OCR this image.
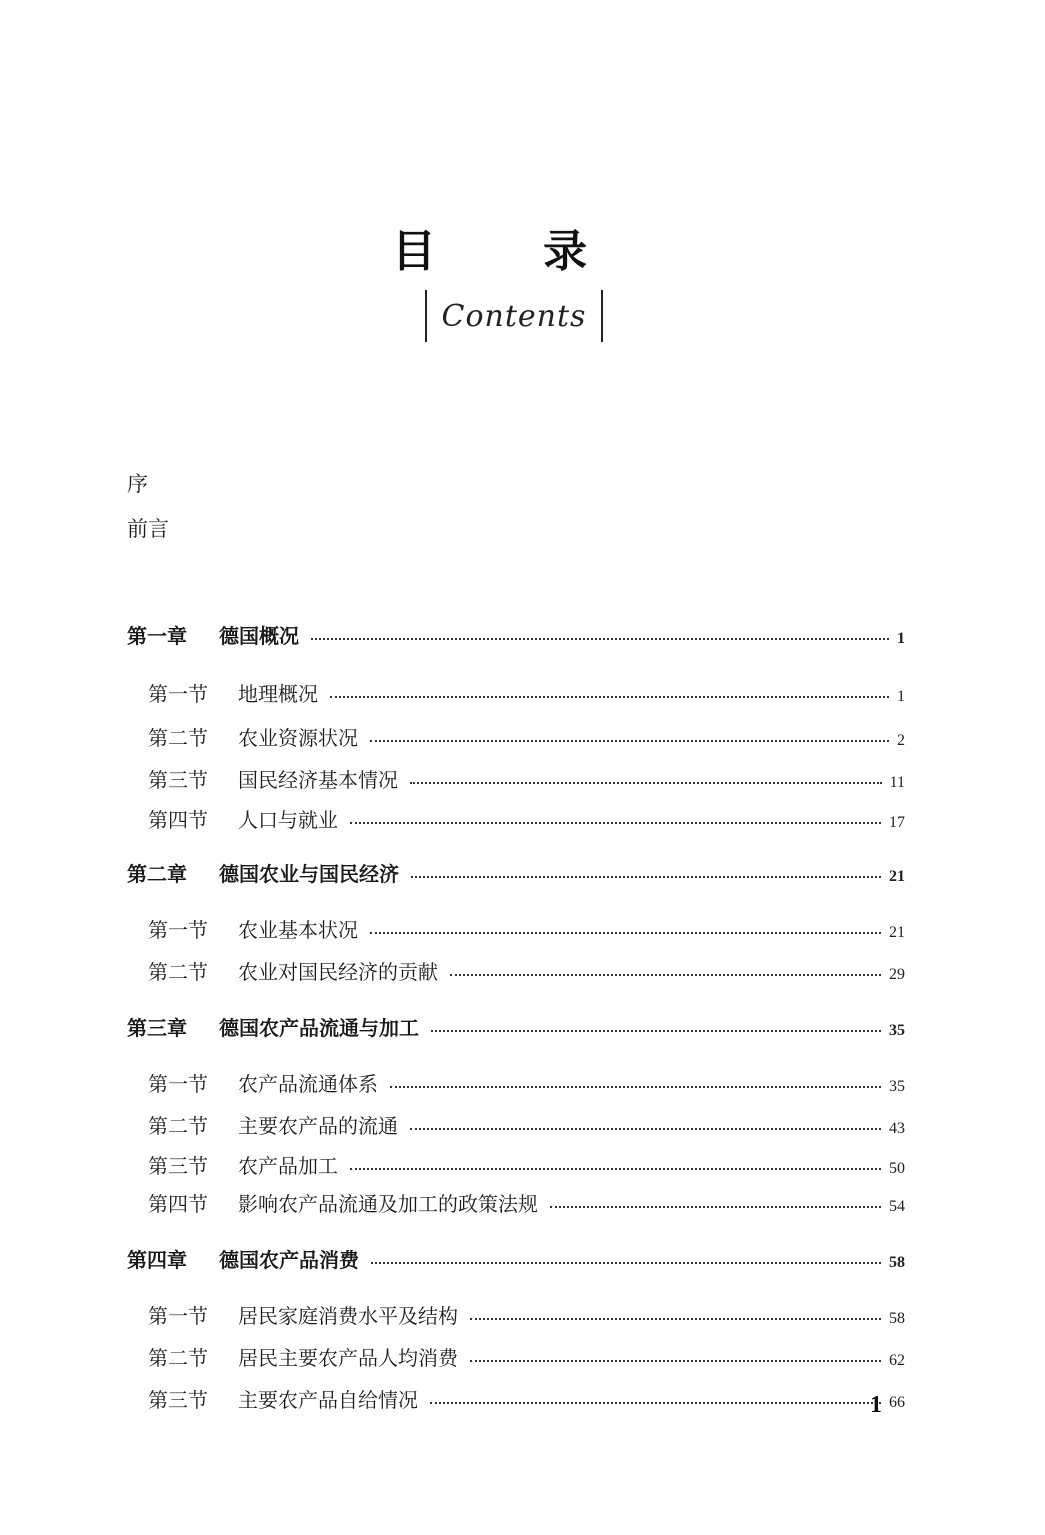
目 录
Contents
序
前言
第一章	德国概况	1
第一节	地理概况	1
第二节	农业资源状况	2
第三节	国民经济基本情况	11
第四节	人口与就业	17
第二章	德国农业与国民经济	21
第一节	农业基本状况	21
第二节	农业对国民经济的贡献	29
第三章	德国农产品流通与加工	35
第一节	农产品流通体系	35
第二节	主要农产品的流通	43
第三节	农产品加工	50
第四节	影响农产品流通及加工的政策法规	54
第四章	德国农产品消费	58
第一节	居民家庭消费水平及结构	58
第二节	居民主要农产品人均消费	62
第三节	主要农产品自给情况	66
1
